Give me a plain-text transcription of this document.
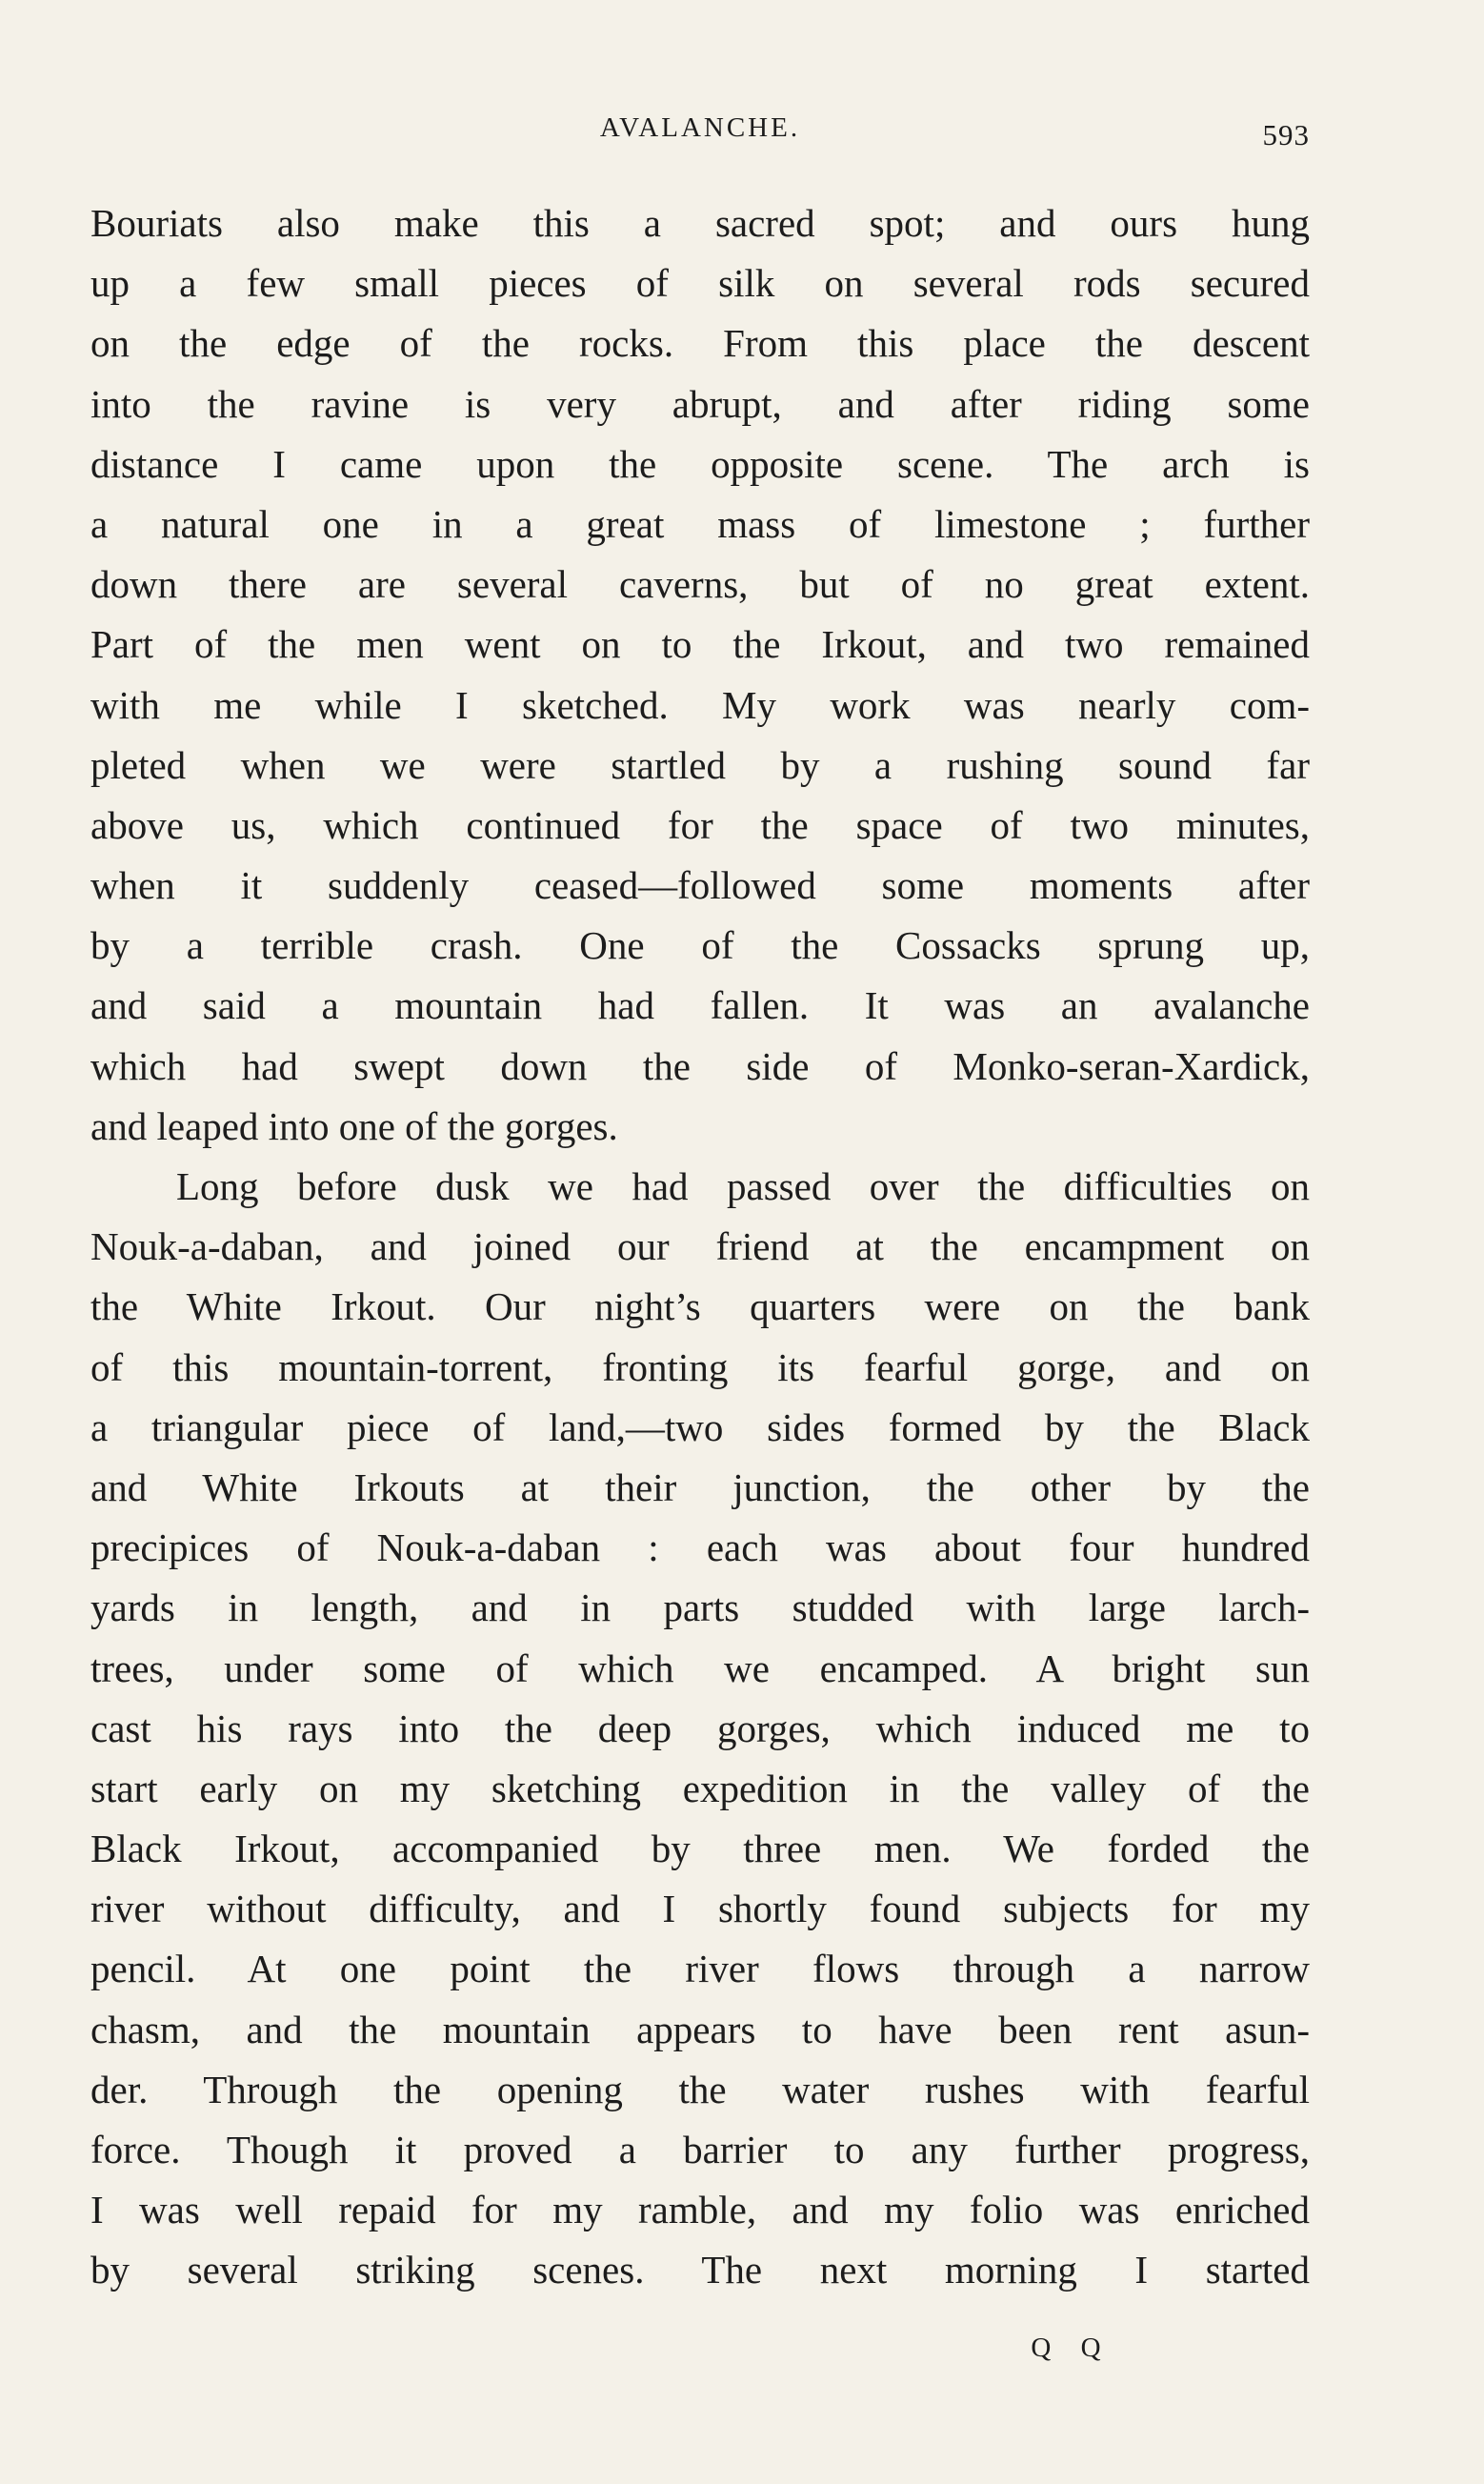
AVALANCHE.	593
Bouriats also make this a sacred spot; and ours hung
up a few small pieces of silk on several rods secured
on the edge of the rocks. From this place the descent
into the ravine is very abrupt, and after riding some
distance I came upon the opposite scene. The arch is
a natural one in a great mass of limestone ; further
down there are several caverns, but of no great extent.
Part of the men went on to the Irkout, and two remained
with me while I sketched. My work was nearly com-
pleted when we were startled by a rushing sound far
above us, which continued for the space of two minutes,
when it suddenly ceased—followed some moments after
by a terrible crash. One of the Cossacks sprung up,
and said a mountain had fallen. It was an avalanche
which had swept down the side of Monko-seran-Xardick,
and leaped into one of the gorges.
Long before dusk we had passed over the difficulties on
Nouk-a-daban, and joined our friend at the encampment on
the White Irkout. Our night’s quarters were on the bank
of this mountain-torrent, fronting its fearful gorge, and on
a triangular piece of land,—two sides formed by the Black
and White Irkouts at their junction, the other by the
precipices of Nouk-a-daban : each was about four hundred
yards in length, and in parts studded with large larch-
trees, under some of which we encamped. A bright sun
cast his rays into the deep gorges, which induced me to
start early on my sketching expedition in the valley of the
Black Irkout, accompanied by three men. We forded the
river without difficulty, and I shortly found subjects for my
pencil. At one point the river flows through a narrow
chasm, and the mountain appears to have been rent asun-
der. Through the opening the water rushes with fearful
force. Though it proved a barrier to any further progress,
I was well repaid for my ramble, and my folio was enriched
by several striking scenes. The next morning I started
Q Q
